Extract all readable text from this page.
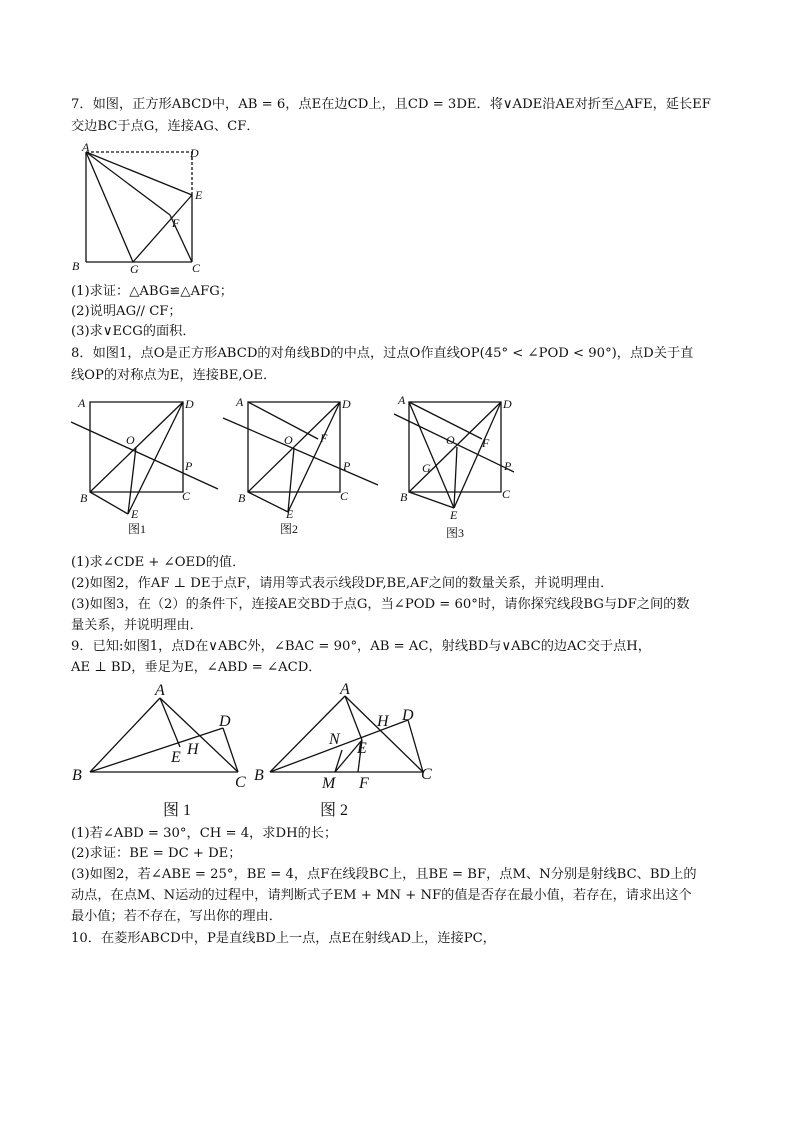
7．如图，正方形ABCD中，AB = 6，点E在边CD上，且CD = 3DE．将∨ADE沿AE对折至△AFE，延长EF
交边BC于点G，连接AG、CF．
A	D
E
F
B	G	C
(1)求证：△ABG≌△AFG；
(2)说明AG// CF；
(3)求∨ECG的面积．
8．如图1，点O是正方形ABCD的对角线BD的中点，过点O作直线OP(45° < ∠POD < 90°)，点D关于直
线OP的对称点为E，连接BE,OE．
A	D
O
P
B	C
E
图1
A	D
O F
P
B	C
E
图2
A	D
O F
G	P
B	C
E
图3
(1)求∠CDE + ∠OED的值．
(2)如图2，作AF ⊥ DE于点F，请用等式表示线段DF,BE,AF之间的数量关系，并说明理由．
(3)如图3，在（2）的条件下，连接AE交BD于点G，当∠POD = 60°时，请你探究线段BG与DF之间的数
量关系，并说明理由．
9．已知:如图1，点D在∨ABC外，∠BAC = 90°，AB = AC，射线BD与∨ABC的边AC交于点H，
AE ⊥ BD，垂足为E，∠ABD = ∠ACD．
A
D
E H
B	C
图 1
A
H D
N
E
B	M F
C
图 2
(1)若∠ABD = 30°，CH = 4，求DH的长；
(2)求证：BE = DC + DE；
(3)如图2，若∠ABE = 25°，BE = 4，点F在线段BC上，且BE = BF，点M、N分别是射线BC、BD上的
动点，在点M、N运动的过程中，请判断式子EM + MN + NF的值是否存在最小值，若存在，请求出这个
最小值；若不存在，写出你的理由．
10．在菱形ABCD中，P是直线BD上一点，点E在射线AD上，连接PC，
